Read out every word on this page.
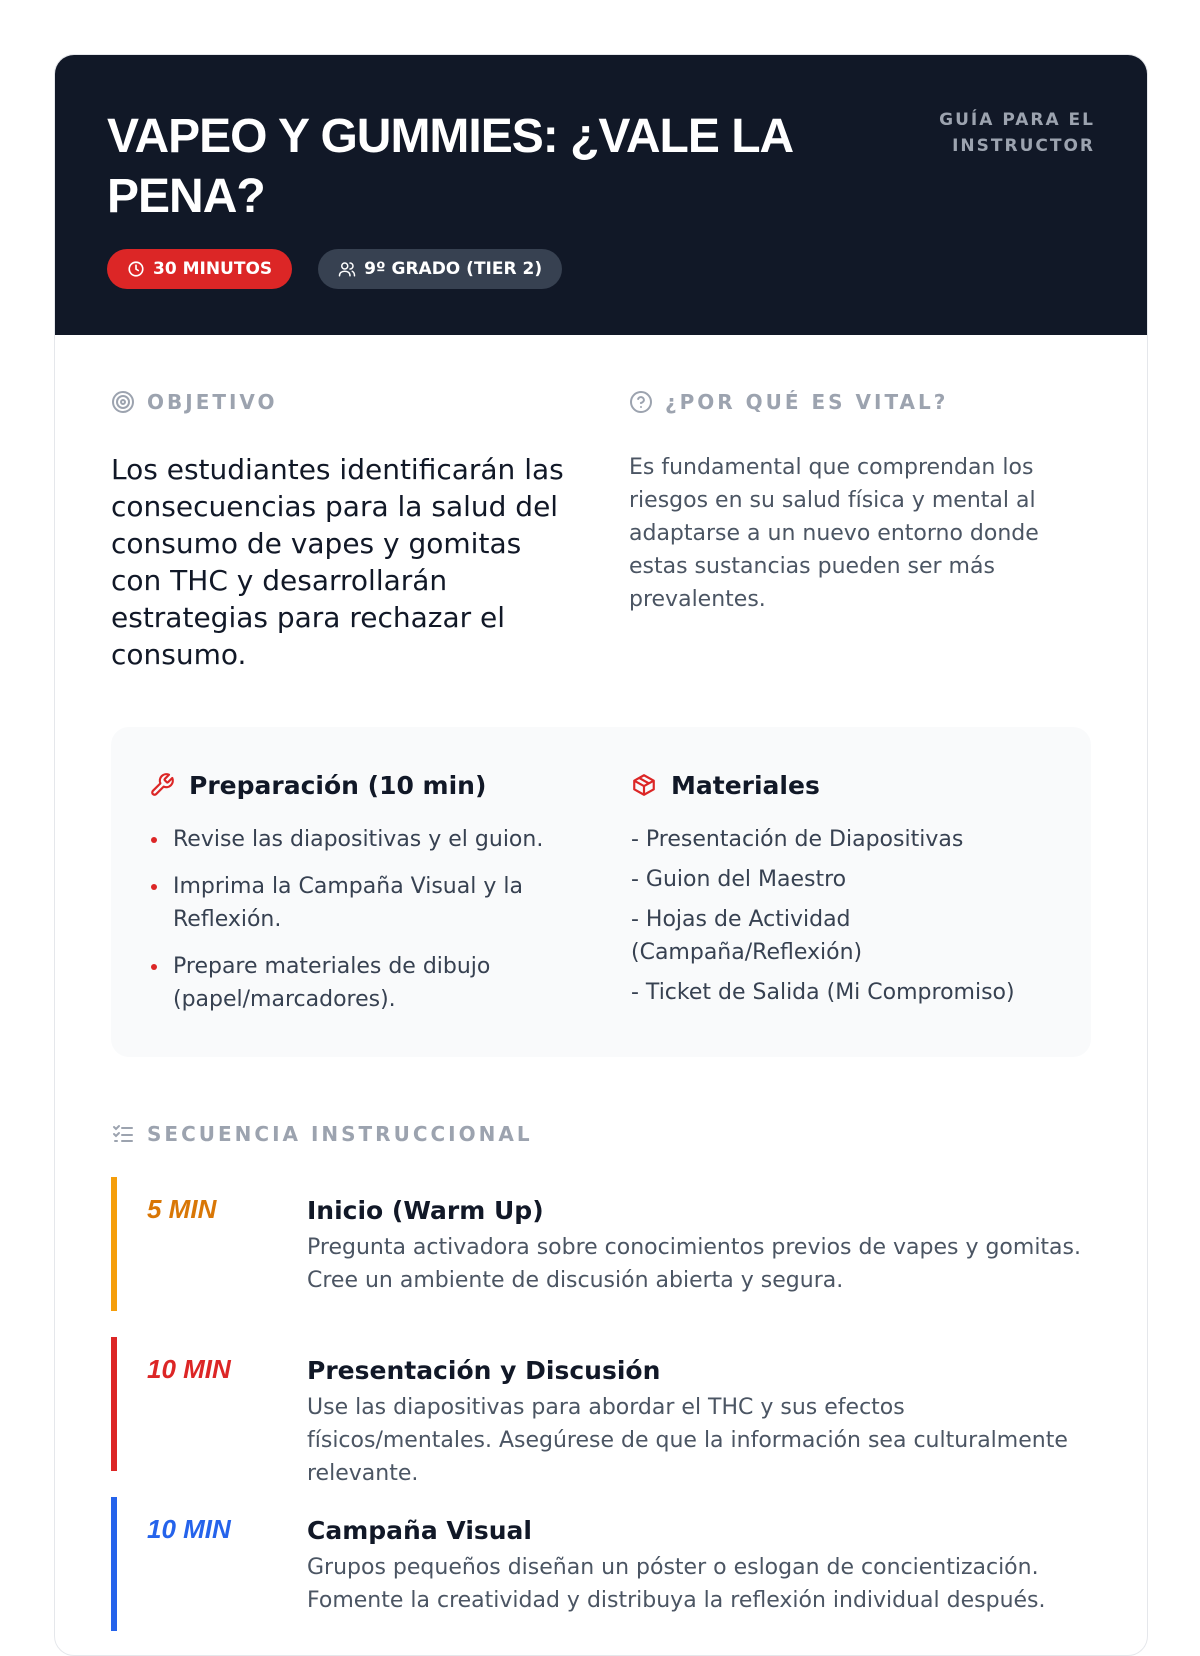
VAPEO Y GUMMIES: ¿VALE LA PENA?
GUÍA PARA EL INSTRUCTOR
30 MINUTOS	9º GRADO (TIER 2)
OBJETIVO

Los estudiantes identificarán las consecuencias para la salud del consumo de vapes y gomitas con THC y desarrollarán estrategias para rechazar el consumo.

¿POR QUÉ ES VITAL?

Es fundamental que comprendan los riesgos en su salud física y mental al adaptarse a un nuevo entorno donde estas sustancias pueden ser más prevalentes.

Preparación (10 min)
Revise las diapositivas y el guion.
Imprima la Campaña Visual y la Reflexión.
Prepare materiales de dibujo (papel/marcadores).
Materiales
- Presentación de Diapositivas
- Guion del Maestro
- Hojas de Actividad (Campaña/Reflexión)
- Ticket de Salida (Mi Compromiso)
SECUENCIA INSTRUCCIONAL
5 MIN	Inicio (Warm Up)
Pregunta activadora sobre conocimientos previos de vapes y gomitas. Cree un ambiente de discusión abierta y segura.
10 MIN	Presentación y Discusión
Use las diapositivas para abordar el THC y sus efectos físicos/mentales. Asegúrese de que la información sea culturalmente relevante.
10 MIN	Campaña Visual
Grupos pequeños diseñan un póster o eslogan de concientización. Fomente la creatividad y distribuya la reflexión individual después.
